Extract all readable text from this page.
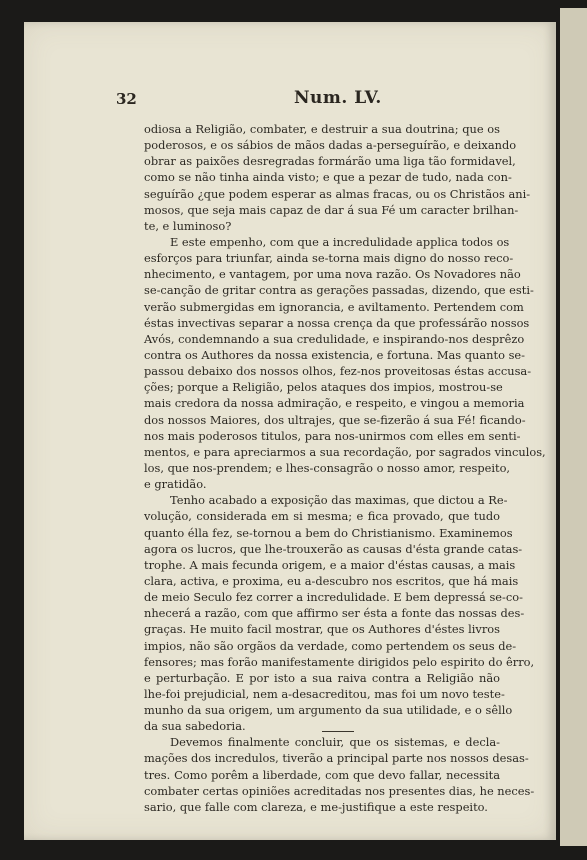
32	Num. LV.

odiosa a Religião, combater, e destruir a sua doutrina; que os
poderosos, e os sábios de mãos dadas a-perseguírão, e deixando
obrar as paixões desregradas formárão uma liga tão formidavel,
como se não tinha ainda visto; e que a pezar de tudo, nada con-
seguírão ¿que podem esperar as almas fracas, ou os Christãos ani-
mosos, que seja mais capaz de dar á sua Fé um caracter brilhan-
te, e luminoso?

E este empenho, com que a incredulidade applica todos os
esforços para triunfar, ainda se-torna mais digno do nosso reco-
nhecimento, e vantagem, por uma nova razão. Os Novadores não
se-canção de gritar contra as gerações passadas, dizendo, que esti-
verão submergidas em ignorancia, e aviltamento. Pertendem com
éstas invectivas separar a nossa crença da que professárão nossos
Avós, condemnando a sua credulidade, e inspirando-nos desprêzo
contra os Authores da nossa existencia, e fortuna. Mas quanto se-
passou debaixo dos nossos olhos, fez-nos proveitosas éstas accusa-
ções; porque a Religião, pelos ataques dos impios, mostrou-se
mais credora da nossa admiração, e respeito, e vingou a memoria
dos nossos Maiores, dos ultrajes, que se-fizerão á sua Fé! ficando-
nos mais poderosos titulos, para nos-unirmos com elles em senti-
mentos, e para apreciarmos a sua recordação, por sagrados vinculos,
los, que nos-prendem; e lhes-consagrão o nosso amor, respeito,
e gratidão.

Tenho acabado a exposição das maximas, que dictou a Re-
volução, considerada em si mesma; e fica provado, que tudo
quanto élla fez, se-tornou a bem do Christianismo. Examinemos
agora os lucros, que lhe-trouxerão as causas d'ésta grande catas-
trophe. A mais fecunda origem, e a maior d'éstas causas, a mais
clara, activa, e proxima, eu a-descubro nos escritos, que há mais
de meio Seculo fez correr a incredulidade. E bem depressá se-co-
nhecerá a razão, com que affirmo ser ésta a fonte das nossas des-
graças. He muito facil mostrar, que os Authores d'éstes livros
impios, não são orgãos da verdade, como pertendem os seus de-
fensores; mas forão manifestamente dirigidos pelo espirito do êrro,
e perturbação. E por isto a sua raiva contra a Religião não
lhe-foi prejudicial, nem a-desacreditou, mas foi um novo teste-
munho da sua origem, um argumento da sua utilidade, e o sêllo
da sua sabedoria.

Devemos finalmente concluir, que os sistemas, e decla-
mações dos incredulos, tiverão a principal parte nos nossos desas-
tres. Como porêm a liberdade, com que devo fallar, necessita
combater certas opiniões acreditadas nos presentes dias, he neces-
sario, que falle com clareza, e me-justifique a este respeito.
